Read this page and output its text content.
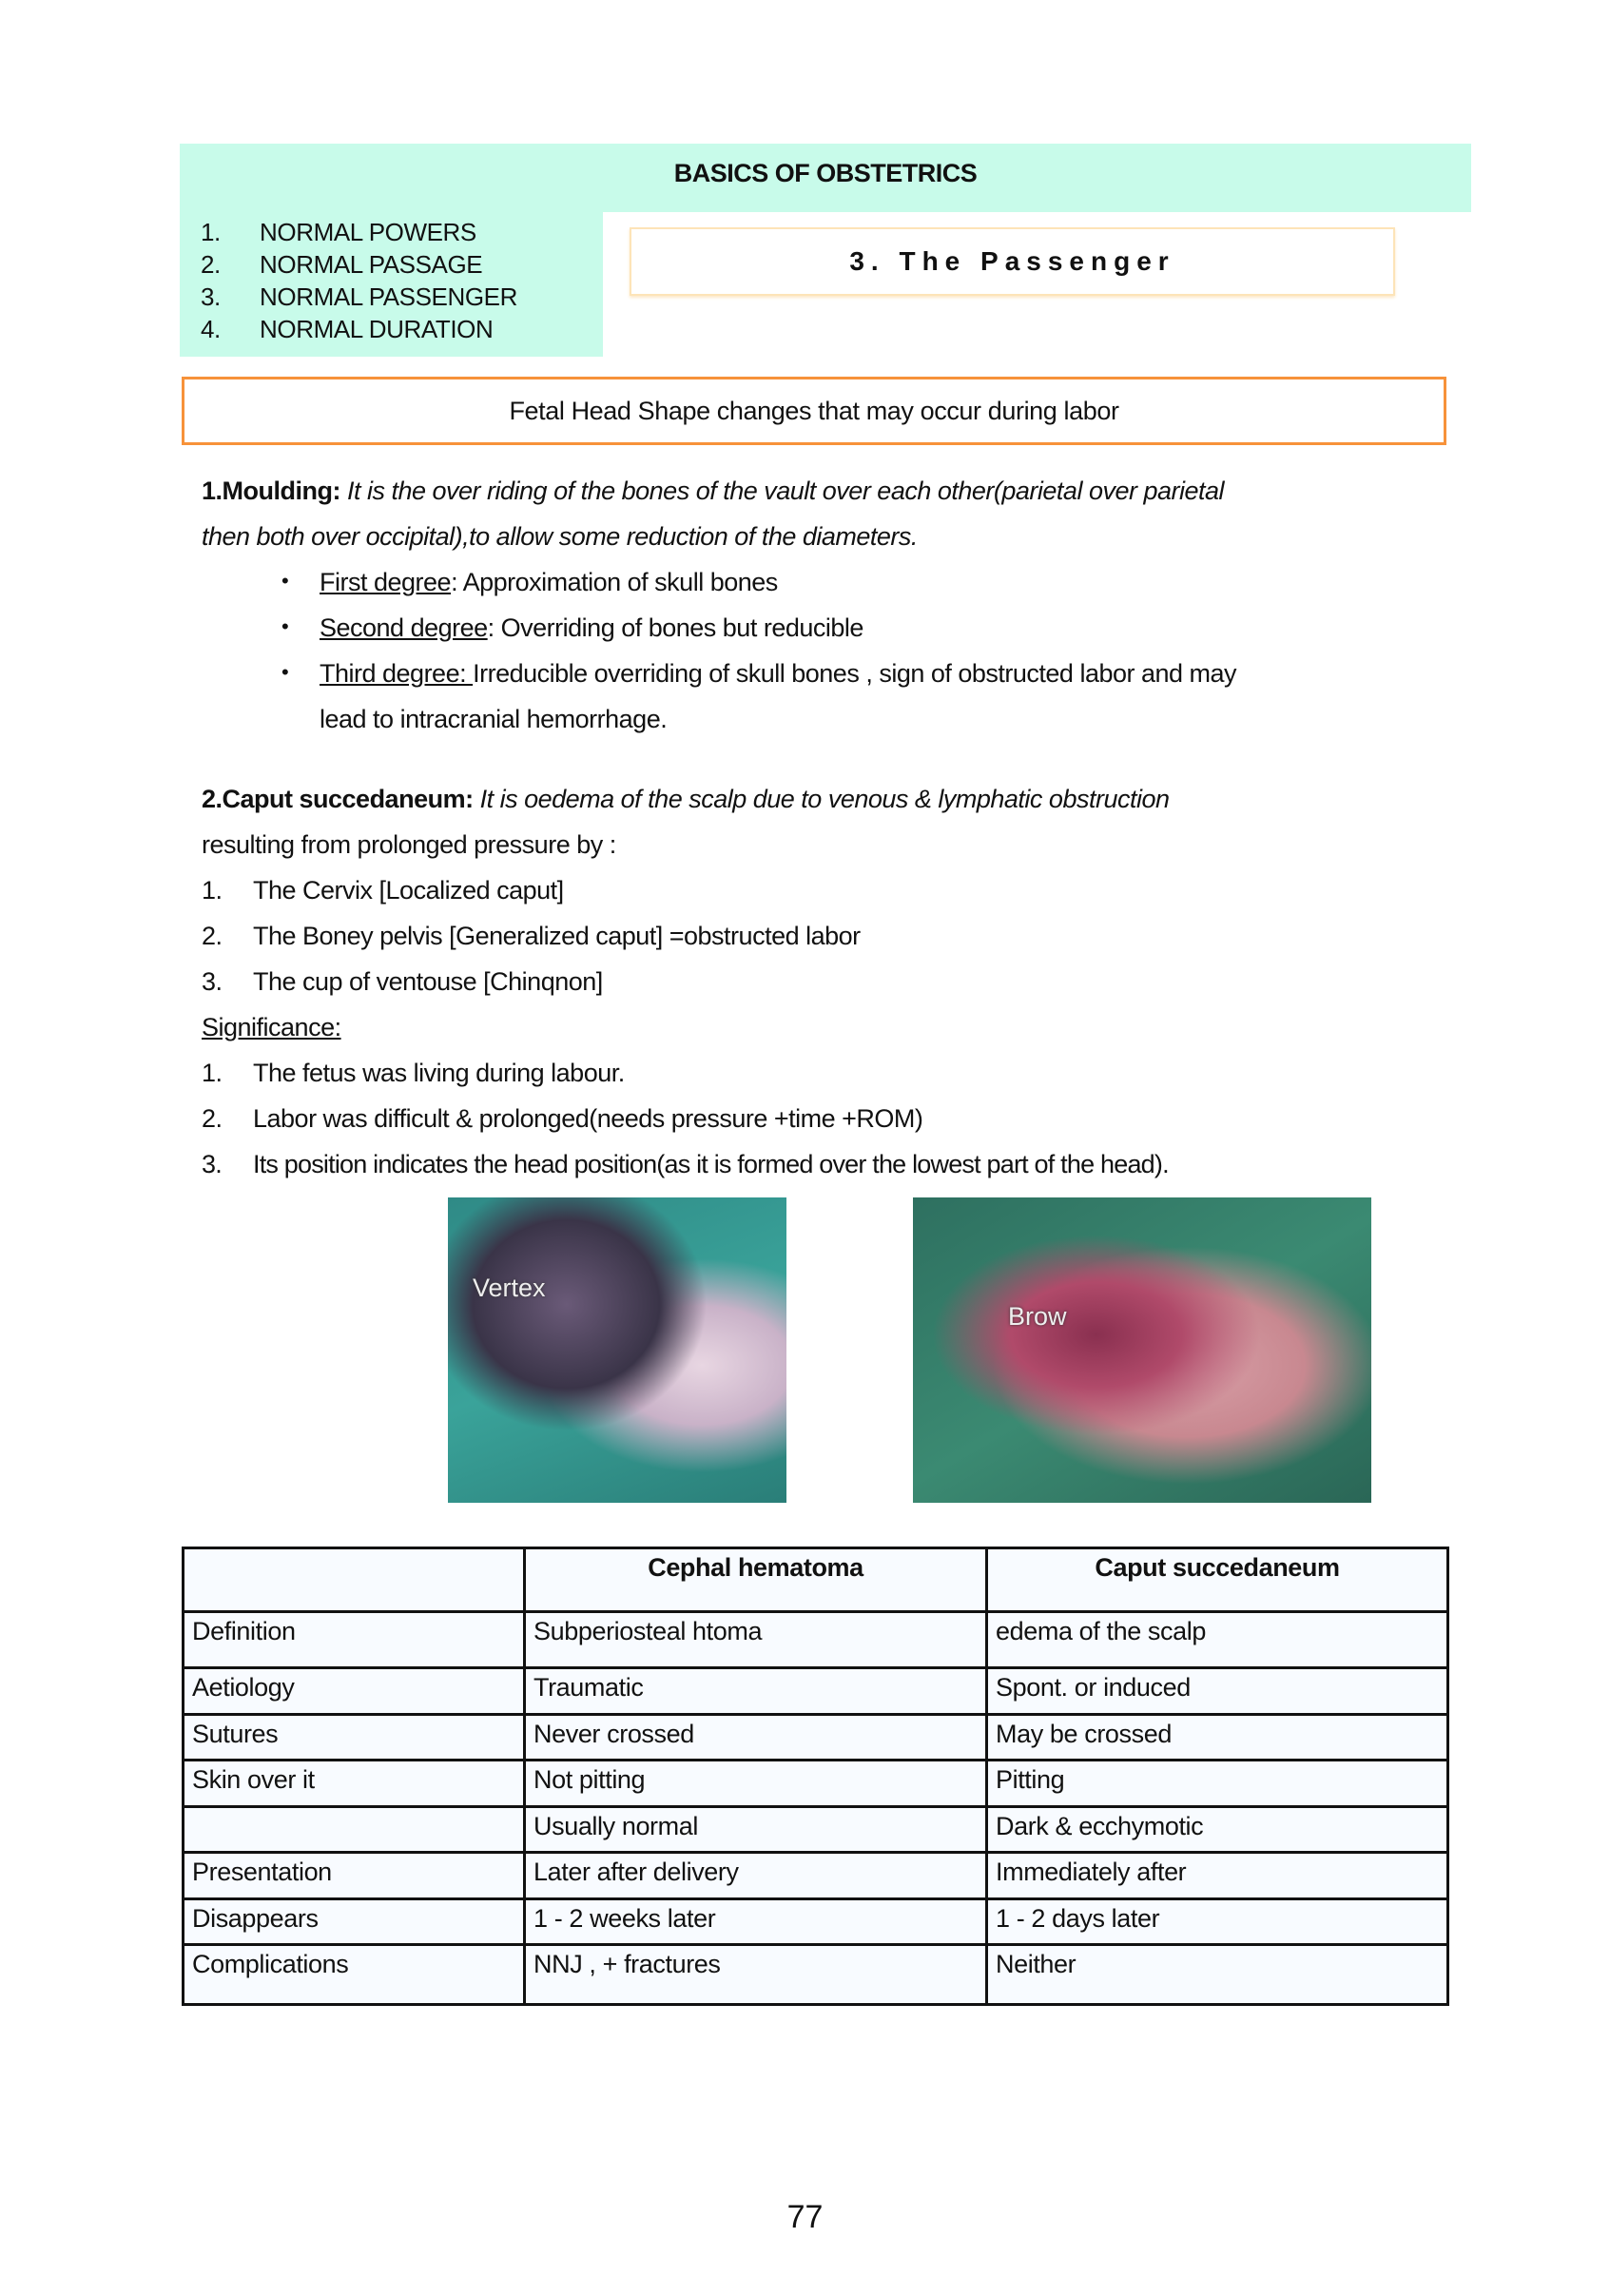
BASICS OF OBSTETRICS
1. NORMAL POWERS
2. NORMAL PASSAGE
3. NORMAL PASSENGER
4. NORMAL DURATION
3. The Passenger
Fetal Head Shape changes that may occur during labor
1.Moulding: It is the over riding of the bones of the vault over each other(parietal over parietal
then both over occipital),to allow some reduction of the diameters.
• First degree: Approximation of skull bones
• Second degree: Overriding of bones but reducible
• Third degree: Irreducible overriding of skull bones , sign of obstructed labor and may
lead to intracranial hemorrhage.
2.Caput succedaneum: It is oedema of the scalp due to venous & lymphatic obstruction
resulting from prolonged pressure by :
1. The Cervix [Localized caput]
2. The Boney pelvis [Generalized caput] =obstructed labor
3. The cup of ventouse [Chinqnon]
Significance:
1. The fetus was living during labour.
2. Labor was difficult & prolonged(needs pressure +time +ROM)
3. Its position indicates the head position(as it is formed over the lowest part of the head).
Vertex
Brow
	Cephal hematoma	Caput succedaneum
Definition	Subperiosteal htoma	edema of the scalp
Aetiology	Traumatic	Spont. or induced
Sutures	Never crossed	May be crossed
Skin over it	Not pitting	Pitting
	Usually normal	Dark & ecchymotic
Presentation	Later after delivery	Immediately after
Disappears	1 - 2 weeks later	1 - 2 days later
Complications	NNJ , + fractures	Neither
77
